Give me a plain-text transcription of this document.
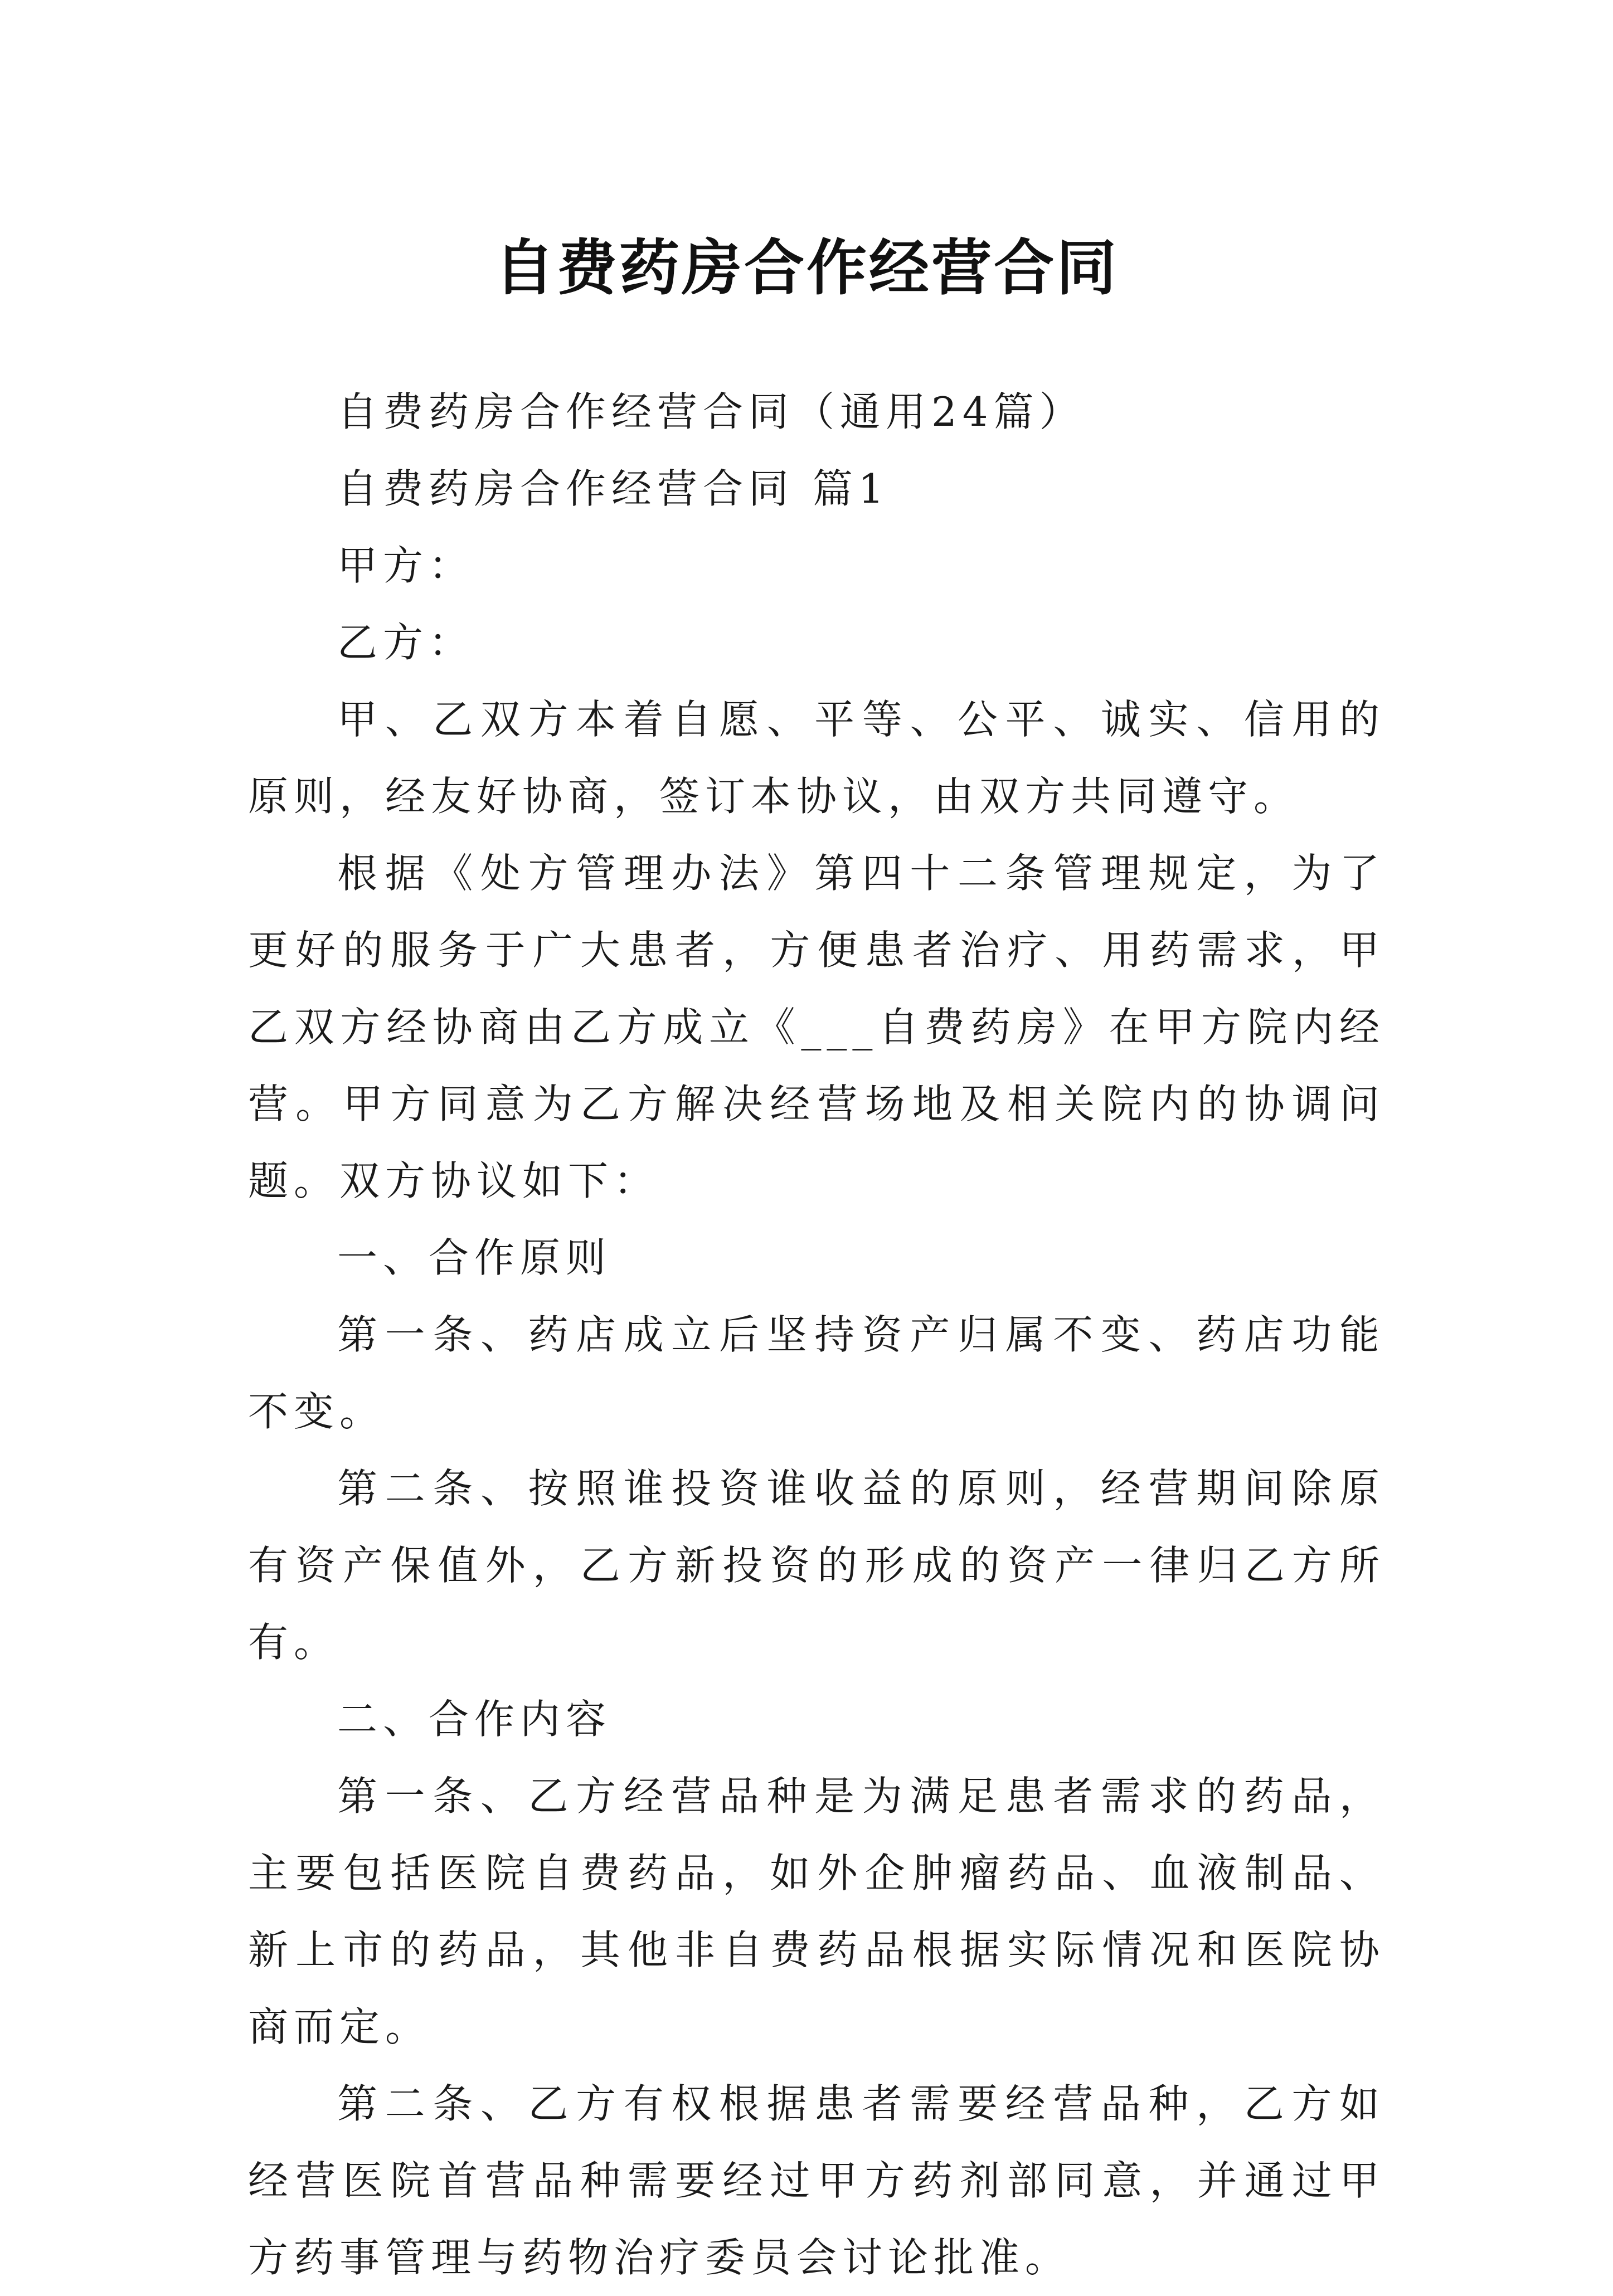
自费药房合作经营合同

自费药房合作经营合同（通用24篇）

自费药房合作经营合同 篇1

甲方：

乙方：

甲、乙双方本着自愿、平等、公平、诚实、信用的原则，经友好协商，签订本协议，由双方共同遵守。

根据《处方管理办法》第四十二条管理规定，为了更好的服务于广大患者，方便患者治疗、用药需求，甲乙双方经协商由乙方成立《___自费药房》在甲方院内经营。甲方同意为乙方解决经营场地及相关院内的协调问题。双方协议如下：

一、合作原则

第一条、药店成立后坚持资产归属不变、药店功能不变。

第二条、按照谁投资谁收益的原则，经营期间除原有资产保值外，乙方新投资的形成的资产一律归乙方所有。

二、合作内容

第一条、乙方经营品种是为满足患者需求的药品，主要包括医院自费药品，如外企肿瘤药品、血液制品、新上市的药品，其他非自费药品根据实际情况和医院协商而定。

第二条、乙方有权根据患者需要经营品种，乙方如经营医院首营品种需要经过甲方药剂部同意，并通过甲方药事管理与药物治疗委员会讨论批准。
